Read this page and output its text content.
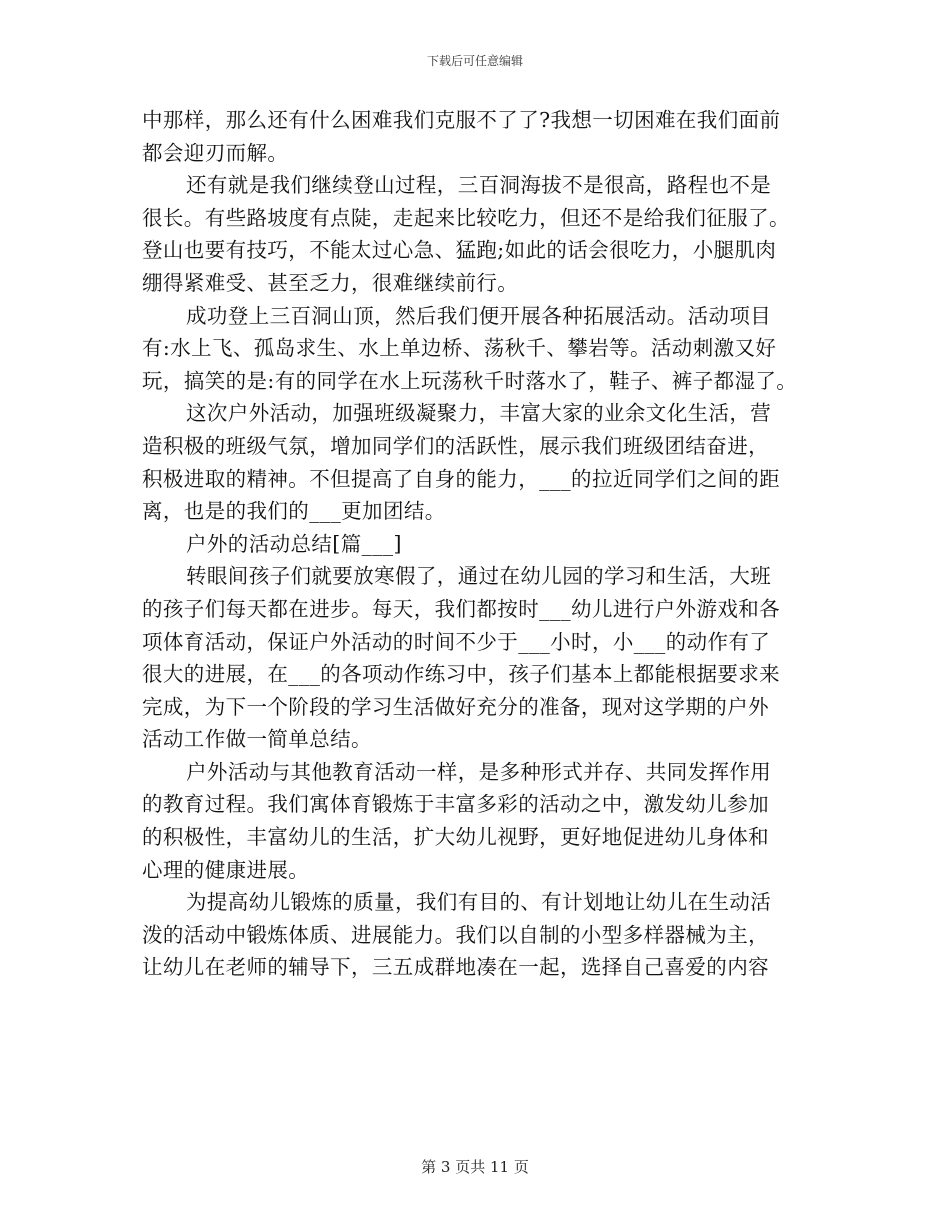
下载后可任意编辑
中那样，那么还有什么困难我们克服不了了?我想一切困难在我们面前
都会迎刃而解。
还有就是我们继续登山过程，三百洞海拔不是很高，路程也不是
很长。有些路坡度有点陡，走起来比较吃力，但还不是给我们征服了。
登山也要有技巧，不能太过心急、猛跑;如此的话会很吃力，小腿肌肉
绷得紧难受、甚至乏力，很难继续前行。
成功登上三百洞山顶，然后我们便开展各种拓展活动。活动项目
有:水上飞、孤岛求生、水上单边桥、荡秋千、攀岩等。活动刺激又好
玩，搞笑的是:有的同学在水上玩荡秋千时落水了，鞋子、裤子都湿了。
这次户外活动，加强班级凝聚力，丰富大家的业余文化生活，营
造积极的班级气氛，增加同学们的活跃性，展示我们班级团结奋进，
积极进取的精神。不但提高了自身的能力，___的拉近同学们之间的距
离，也是的我们的___更加团结。
户外的活动总结[篇___]
转眼间孩子们就要放寒假了，通过在幼儿园的学习和生活，大班
的孩子们每天都在进步。每天，我们都按时___幼儿进行户外游戏和各
项体育活动，保证户外活动的时间不少于___小时，小___的动作有了
很大的进展，在___的各项动作练习中，孩子们基本上都能根据要求来
完成，为下一个阶段的学习生活做好充分的准备，现对这学期的户外
活动工作做一简单总结。
户外活动与其他教育活动一样，是多种形式并存、共同发挥作用
的教育过程。我们寓体育锻炼于丰富多彩的活动之中，激发幼儿参加
的积极性，丰富幼儿的生活，扩大幼儿视野，更好地促进幼儿身体和
心理的健康进展。
为提高幼儿锻炼的质量，我们有目的、有计划地让幼儿在生动活
泼的活动中锻炼体质、进展能力。我们以自制的小型多样器械为主，
让幼儿在老师的辅导下，三五成群地凑在一起，选择自己喜爱的内容
第 3 页共 11 页
